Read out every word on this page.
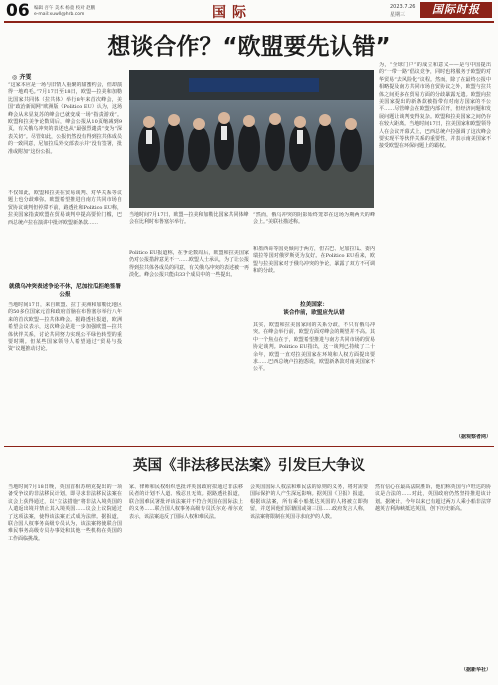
06 编辑 吾午 美术 杨童 校对 赵鹏
e-mail:xuwll@hrb.com	国际	2023.7.26
星期三	国际时报
想谈合作？“欧盟要先认错”
◎ 齐雯
“这家本应是一场与旧情人重聚的甜蜜约会，但却演得一地鸡毛。”7月17日至18日，欧盟—拉美和加勒比国家共同体（拉共体）举行8年来首次峰会，美国“政治新闻网”欧洲版（Politico EU）认为，这场峰会从未显复苏的峰会已就变成一场“指责游戏”。欧盟和拉美争论数周后，峰会公报从10页缩减到9页，有关俄乌冲突的表述也从“最强烈谴责”变为“深表关切”。尽管如此，公报仍然没有得到拉共体成员的一致同意，尼加拉瓜外交部表示并“没有签署，批准或附加”这份公报。
不仅如此，欧盟和拉美在贸易谈判、对华关系等议题上也分歧难弥。欧盟希望推进自南方共同市场自贸协议谈判但停滞不前，路透社和Politico EU称，拉美国家指责欧盟在贸易谈判中提高要价门槛，巴西总统卢拉在演讲中批评欧盟新条款……
就俄乌冲突表述争论不休，尼加拉瓜拒绝签署公报
当地时间17日，来自欧盟、拉丁美洲和加勒比地区的50多位国家元首和政府首脑在布鲁塞尔举行八年来的首次欧盟—拉共体峰会。据路透社报道，欧洲希望会议表示，这次峰会是进一步加强欧盟—拉共体伙伴关系，讨论共同努力实现公平绿色转型的重要时期。但某些国家领导人希望通过“贸易与投资”议题推动讨论。
当地时间7月17日，欧盟—拉美和加勒比国家共同体峰会在比利时布鲁塞尔举行。
“然而，俄乌冲突的阴影始终笼罩在这场为期两天的峰会上。”美联社描述称。
Politico EU报道称，在争论数周后，欧盟和拉美国家仍对公报措辞意见不一……欧盟人士承认，为了让公报得到拉共体各成员的同意，有关俄乌冲突的表述被一再淡化。峰会公报只能由33个成员中的一些提出。
和墨西哥等国更倾向于两方，但古巴、尼加拉瓜、委内瑞拉等国对俄罗斯更为友好。在Politico EU看来，欧盟与拉美国家对于俄乌冲突的争论，暴露了双方不可调和的分歧。
拉美国家：
谈合作前，欧盟应先认错
其实，欧盟和拉美国家间的关系分歧，不只有俄乌冲突。在峰会举行前，欧盟方面对峰会的期望并不高。其中一个焦点在于，欧盟希望推进与南方共同市场的贸易协定谈判。Politico EU指出，这一谈判已持续了二十余年，欧盟一直对拉美国家在环境和人权方面提出要求……巴西总统卢拉抱怨说，欧盟新条款对南美国家不公平。
为，“全球门户”的成立和意义——是与中国提出的“一带一路”倡议竞争，同时也将服务于欧盟的对华贸易“去风险化”议程。然而，除了在最终公报中相略提及南方共同市场自贸协议之外，欧盟与拉共体之间更多在贸易方面的分歧暴露无遗。欧盟向拉美国家提出的新条款被指带有对南方国家的不公平……尽管峰会在欧盟内部召开，但经济问题和发展问题让谈判变得复杂。欧盟和拉美国家之间仍存在较大距离。当地时间17日，拉美国家和欧盟领导人在会议开幕式上，巴西总统卢拉强调了这次峰会要实现平等伙伴关系的重要性，并表示南美国家不接受欧盟在环保问题上的霸权。
（据观察者网）
英国《非法移民法案》引发巨大争议
当地时间7月18日晚，英国首相苏纳克提出的一项备受争议的非法移民计划，即寻求非法移民法案在议会上获得通过，以“立法措施”将非法入境英国的人遣返出境并禁止其入境英国……议会上议院通过了这项法案，使得该法案正式成为法律。据报道，联合国人权事务高级专员认为，该法案将使联合国难民事务高级专员办事处和其他一些机构在英国的工作面临挑战。
家、律师和民权组织也批评英国政府拟通过非法移民者的计划不人道、残忍且无效。据路透社报道，联合国难民署批评该法案并不符合英国在国际法上的义务……联合国人权事务高级专员沃尔克·蒂尔克表示，该法案违反了国际人权和难民法。
会英国国际人权法和难民法的原则的义务，将对需要国际保护的人产生深远影响。据英国《卫报》报道，根据该法案，所有乘小船抵达英国的人将被立即拘留，并送回他们原籍国或第三国……政府发言人称，该法案将限制在英国寻求庇护的人数。
然有信心在最高法院胜诉，他们称英国与卢旺达的协议是合法的……对此，英国政府仍然坚持推进该计划。据统计，今年以来已有超过两万人乘小船非法穿越英吉利海峡抵达英国，创下历史新高。
（据新华社）
